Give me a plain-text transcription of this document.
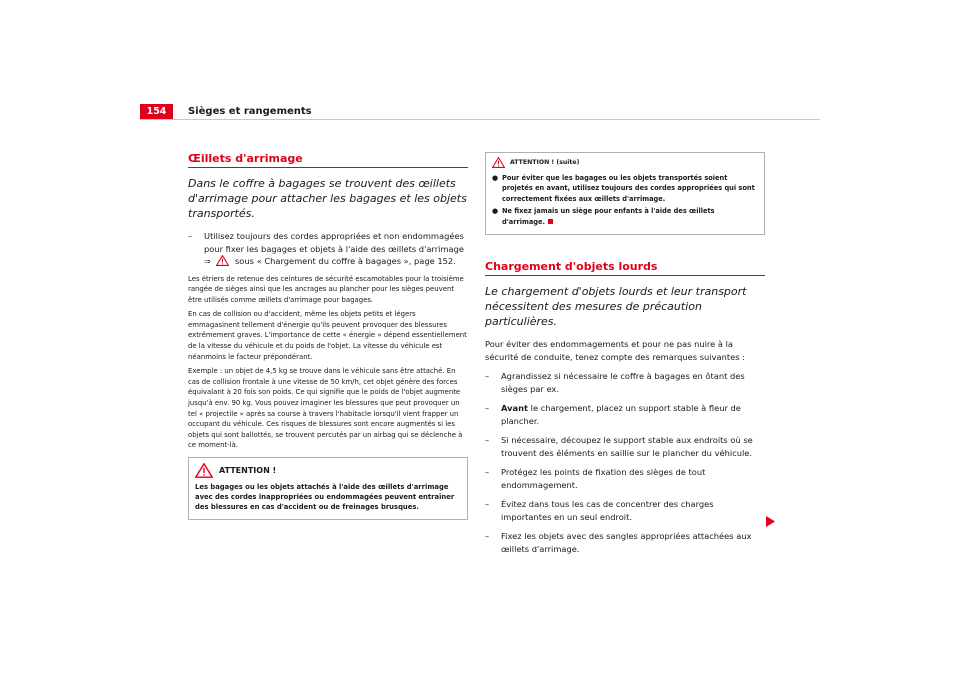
154	Sièges et rangements
Œillets d'arrimage
Dans le coffre à bagages se trouvent des œillets d'arrimage pour attacher les bagages et les objets transportés.
– Utilisez toujours des cordes appropriées et non endommagées pour fixer les bagages et objets à l'aide des œillets d'arrimage
⇒	sous « Chargement du coffre à bagages », page 152.

Les étriers de retenue des ceintures de sécurité escamotables pour la troisième rangée de sièges ainsi que les ancrages au plancher pour les sièges peuvent être utilisés comme œillets d'arrimage pour bagages.

En cas de collision ou d'accident, même les objets petits et légers emmagasinent tellement d'énergie qu'ils peuvent provoquer des blessures extrêmement graves. L'importance de cette « énergie » dépend essentiellement de la vitesse du véhicule et du poids de l'objet. La vitesse du véhicule est néanmoins le facteur prépondérant.

Exemple : un objet de 4,5 kg se trouve dans le véhicule sans être attaché. En cas de collision frontale à une vitesse de 50 km/h, cet objet génère des forces équivalant à 20 fois son poids. Ce qui signifie que le poids de l'objet augmente jusqu'à env. 90 kg. Vous pouvez imaginer les blessures que peut provoquer un tel « projectile » après sa course à travers l'habitacle lorsqu'il vient frapper un occupant du véhicule. Ces risques de blessures sont encore augmentés si les objets qui sont ballottés, se trouvent percutés par un airbag qui se déclenche à ce moment-là.

ATTENTION !
Les bagages ou les objets attachés à l'aide des œillets d'arrimage avec des cordes inappropriées ou endommagées peuvent entraîner des blessures en cas d'accident ou de freinages brusques.
ATTENTION ! (suite)
● Pour éviter que les bagages ou les objets transportés soient projetés en avant, utilisez toujours des cordes appropriées qui sont correctement fixées aux œillets d'arrimage.
● Ne fixez jamais un siège pour enfants à l'aide des œillets d'arrimage.
Chargement d'objets lourds
Le chargement d'objets lourds et leur transport nécessitent des mesures de précaution particulières.
Pour éviter des endommagements et pour ne pas nuire à la sécurité de conduite, tenez compte des remarques suivantes :
– Agrandissez si nécessaire le coffre à bagages en ôtant des sièges par ex.
– Avant le chargement, placez un support stable à fleur de plancher.
– Si nécessaire, découpez le support stable aux endroits où se trouvent des éléments en saillie sur le plancher du véhicule.
– Protégez les points de fixation des sièges de tout endommagement.
– Évitez dans tous les cas de concentrer des charges importantes en un seul endroit.
– Fixez les objets avec des sangles appropriées attachées aux œillets d'arrimage.
